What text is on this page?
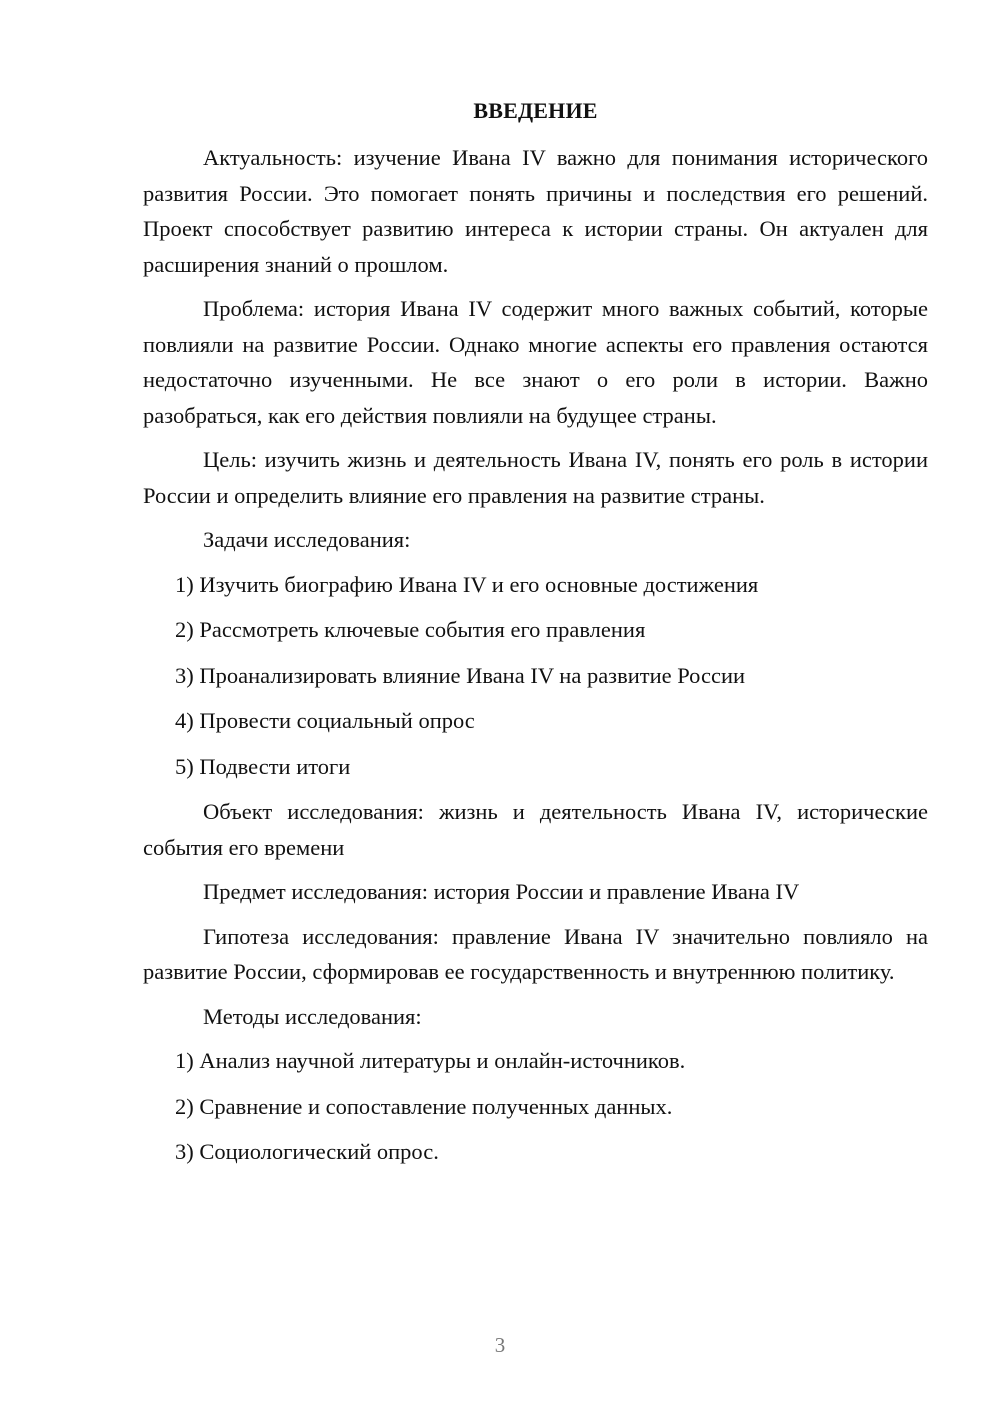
ВВЕДЕНИЕ
Актуальность: изучение Ивана IV важно для понимания исторического развития России. Это помогает понять причины и последствия его решений. Проект способствует развитию интереса к истории страны. Он актуален для расширения знаний о прошлом.
Проблема: история Ивана IV содержит много важных событий, которые повлияли на развитие России. Однако многие аспекты его правления остаются недостаточно изученными. Не все знают о его роли в истории. Важно разобраться, как его действия повлияли на будущее страны.
Цель: изучить жизнь и деятельность Ивана IV, понять его роль в истории России и определить влияние его правления на развитие страны.
Задачи исследования:
1) Изучить биографию Ивана IV и его основные достижения
2) Рассмотреть ключевые события его правления
3) Проанализировать влияние Ивана IV на развитие России
4) Провести социальный опрос
5) Подвести итоги
Объект исследования: жизнь и деятельность Ивана IV, исторические события его времени
Предмет исследования: история России и правление Ивана IV
Гипотеза исследования: правление Ивана IV значительно повлияло на развитие России, сформировав ее государственность и внутреннюю политику.
Методы исследования:
1) Анализ научной литературы и онлайн-источников.
2) Сравнение и сопоставление полученных данных.
3) Социологический опрос.
3
